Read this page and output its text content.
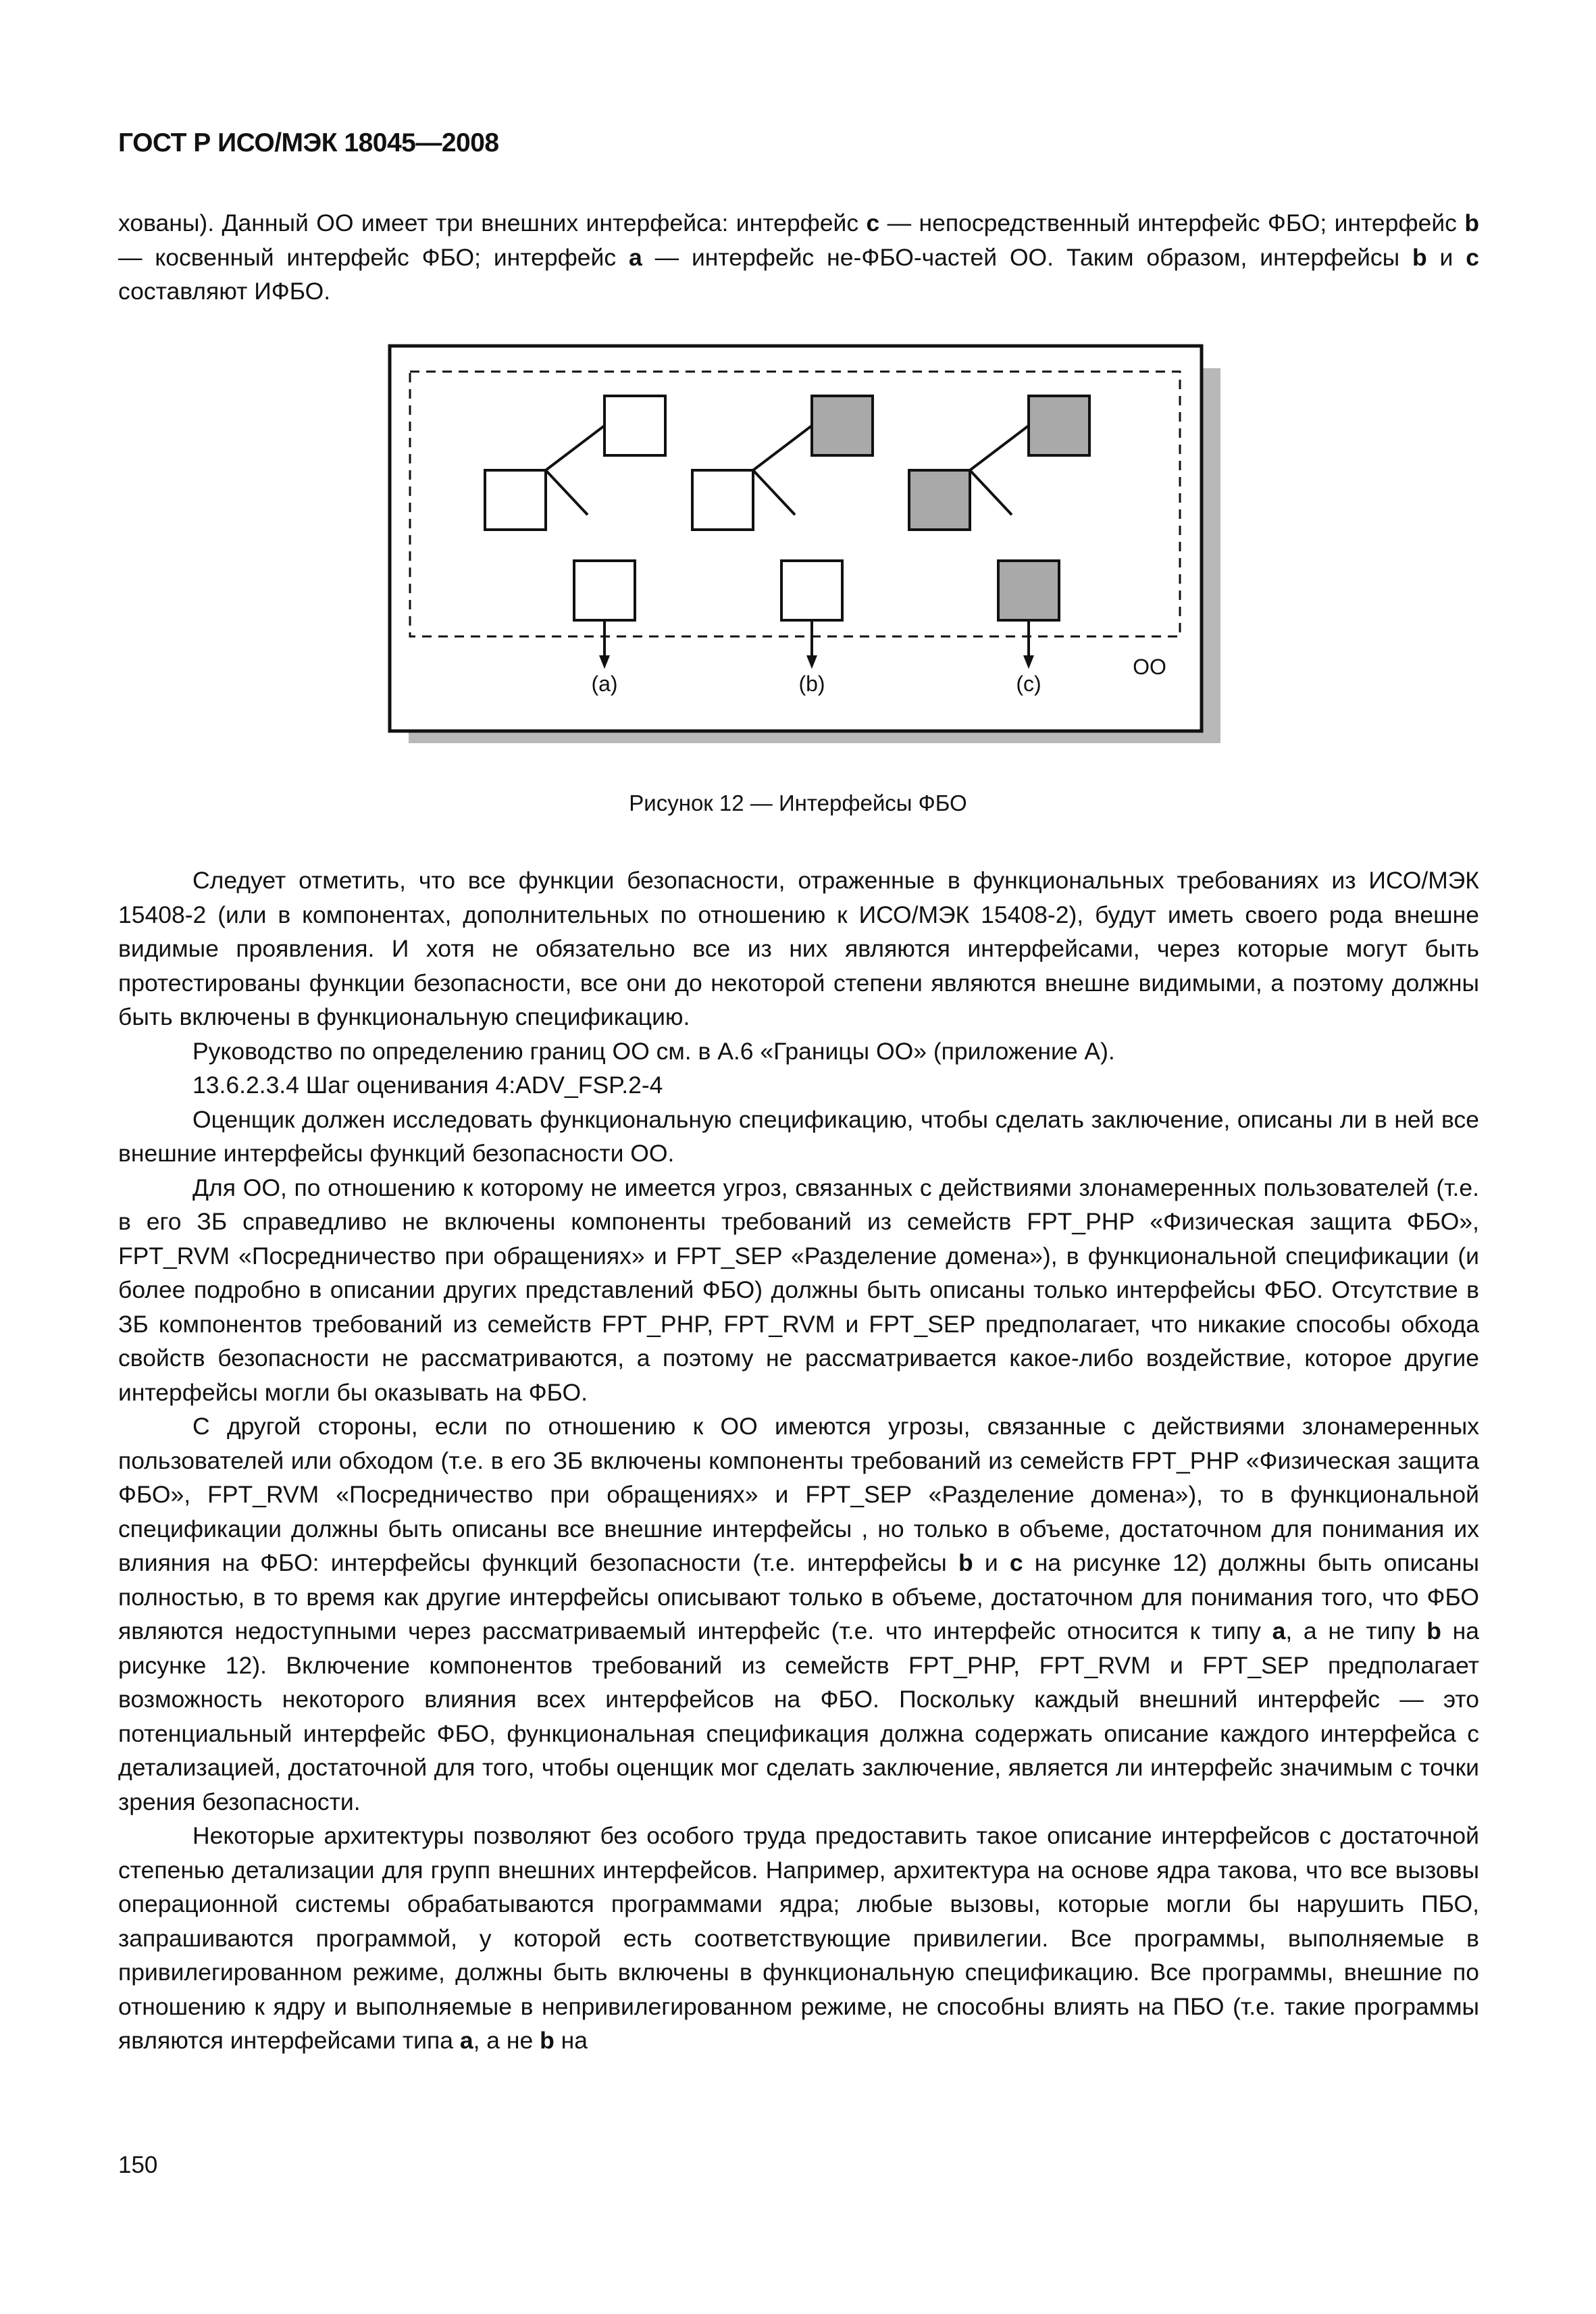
ГОСТ Р ИСО/МЭК 18045—2008

хованы). Данный ОО имеет три внешних интерфейса: интерфейс c — непосредственный интерфейс ФБО; интерфейс b — косвенный интерфейс ФБО; интерфейс a — интерфейс не-ФБО-частей ОО. Таким образом, интерфейсы b и c составляют ИФБО.

(a)	(b)	(c)
ОО
Рисунок 12 — Интерфейсы ФБО

Следует отметить, что все функции безопасности, отраженные в функциональных требованиях из ИСО/МЭК 15408-2 (или в компонентах, дополнительных по отношению к ИСО/МЭК 15408-2), будут иметь своего рода внешне видимые проявления. И хотя не обязательно все из них являются интерфейсами, через которые могут быть протестированы функции безопасности, все они до некоторой степени являются внешне видимыми, а поэтому должны быть включены в функциональную спецификацию.

Руководство по определению границ ОО см. в А.6 «Границы ОО» (приложение А).

13.6.2.3.4 Шаг оценивания 4:ADV_FSP.2-4

Оценщик должен исследовать функциональную спецификацию, чтобы сделать заключение, описаны ли в ней все внешние интерфейсы функций безопасности ОО.

Для ОО, по отношению к которому не имеется угроз, связанных с действиями злонамеренных пользователей (т.е. в его ЗБ справедливо не включены компоненты требований из семейств FPT_PHP «Физическая защита ФБО», FPT_RVM «Посредничество при обращениях» и FPT_SEP «Разделение домена»), в функциональной спецификации (и более подробно в описании других представлений ФБО) должны быть описаны только интерфейсы ФБО. Отсутствие в ЗБ компонентов требований из семейств FPT_PHP, FPT_RVM и FPT_SEP предполагает, что никакие способы обхода свойств безопасности не рассматриваются, а поэтому не рассматривается какое-либо воздействие, которое другие интерфейсы могли бы оказывать на ФБО.

С другой стороны, если по отношению к ОО имеются угрозы, связанные с действиями злонамеренных пользователей или обходом (т.е. в его ЗБ включены компоненты требований из семейств FPT_PHP «Физическая защита ФБО», FPT_RVM «Посредничество при обращениях» и FPT_SEP «Разделение домена»), то в функциональной спецификации должны быть описаны все внешние интерфейсы , но только в объеме, достаточном для понимания их влияния на ФБО: интерфейсы функций безопасности (т.е. интерфейсы b и c на рисунке 12) должны быть описаны полностью, в то время как другие интерфейсы описывают только в объеме, достаточном для понимания того, что ФБО являются недоступными через рассматриваемый интерфейс (т.е. что интерфейс относится к типу a, а не типу b на рисунке 12). Включение компонентов требований из семейств FPT_PHP, FPT_RVM и FPT_SEP предполагает возможность некоторого влияния всех интерфейсов на ФБО. Поскольку каждый внешний интерфейс — это потенциальный интерфейс ФБО, функциональная спецификация должна содержать описание каждого интерфейса с детализацией, достаточной для того, чтобы оценщик мог сделать заключение, является ли интерфейс значимым с точки зрения безопасности.

Некоторые архитектуры позволяют без особого труда предоставить такое описание интерфейсов с достаточной степенью детализации для групп внешних интерфейсов. Например, архитектура на основе ядра такова, что все вызовы операционной системы обрабатываются программами ядра; любые вызовы, которые могли бы нарушить ПБО, запрашиваются программой, у которой есть соответствующие привилегии. Все программы, выполняемые в привилегированном режиме, должны быть включены в функциональную спецификацию. Все программы, внешние по отношению к ядру и выполняемые в непривилегированном режиме, не способны влиять на ПБО (т.е. такие программы являются интерфейсами типа a, а не b на

150
